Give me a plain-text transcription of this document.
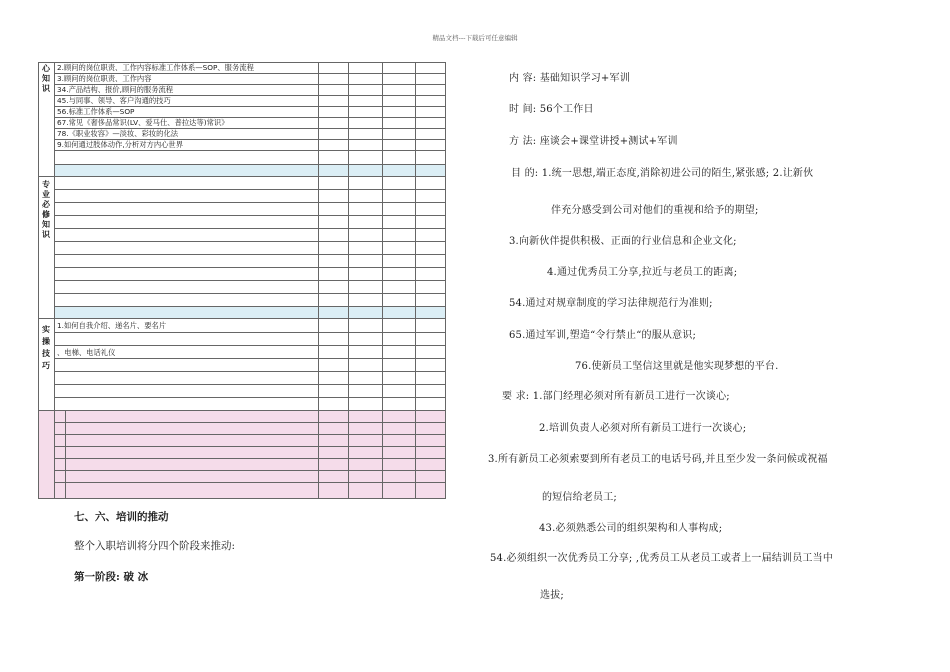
精品文档---下载后可任意编辑
心
知
识
专
业
必
修
知
识
实
操
技
巧
2.顾问的岗位职责、工作内容标准工作体系—SOP、服务流程
3.顾问的岗位职责、工作内容
34.产品结构、报价,顾问的服务流程
45.与同事、领导、客户沟通的技巧
56.标准工作体系—SOP
67.常见《奢侈品常识(LV、爱马仕、普拉达等)常识》
78.《职业妆容》—淡妆、彩妆的化法
9.如何通过肢体动作,分析对方内心世界
1.如何自我介绍、递名片、要名片
、电梯、电话礼仪
七、六、培训的推动
整个入职培训将分四个阶段来推动:
第一阶段: 破 冰
内 容: 基础知识学习+军训
时 间: 56个工作日
方 法: 座谈会+课堂讲授+测试+军训
目 的: 1.统一思想,端正态度,消除初进公司的陌生,紧张感; 2.让新伙
伴充分感受到公司对他们的重视和给予的期望;
3.向新伙伴提供积极、正面的行业信息和企业文化;
4.通过优秀员工分享,拉近与老员工的距离;
54.通过对规章制度的学习法律规范行为准则;
65.通过军训,塑造“令行禁止“的服从意识;
76.使新员工坚信这里就是他实现梦想的平台.
要 求: 1.部门经理必须对所有新员工进行一次谈心;
2.培训负责人必须对所有新员工进行一次谈心;
3.所有新员工必须索要到所有老员工的电话号码,并且至少发一条问候或祝福
的短信给老员工;
43.必须熟悉公司的组织架构和人事构成;
54.必须组织一次优秀员工分享; ,优秀员工从老员工或者上一届结训员工当中
选拔;
